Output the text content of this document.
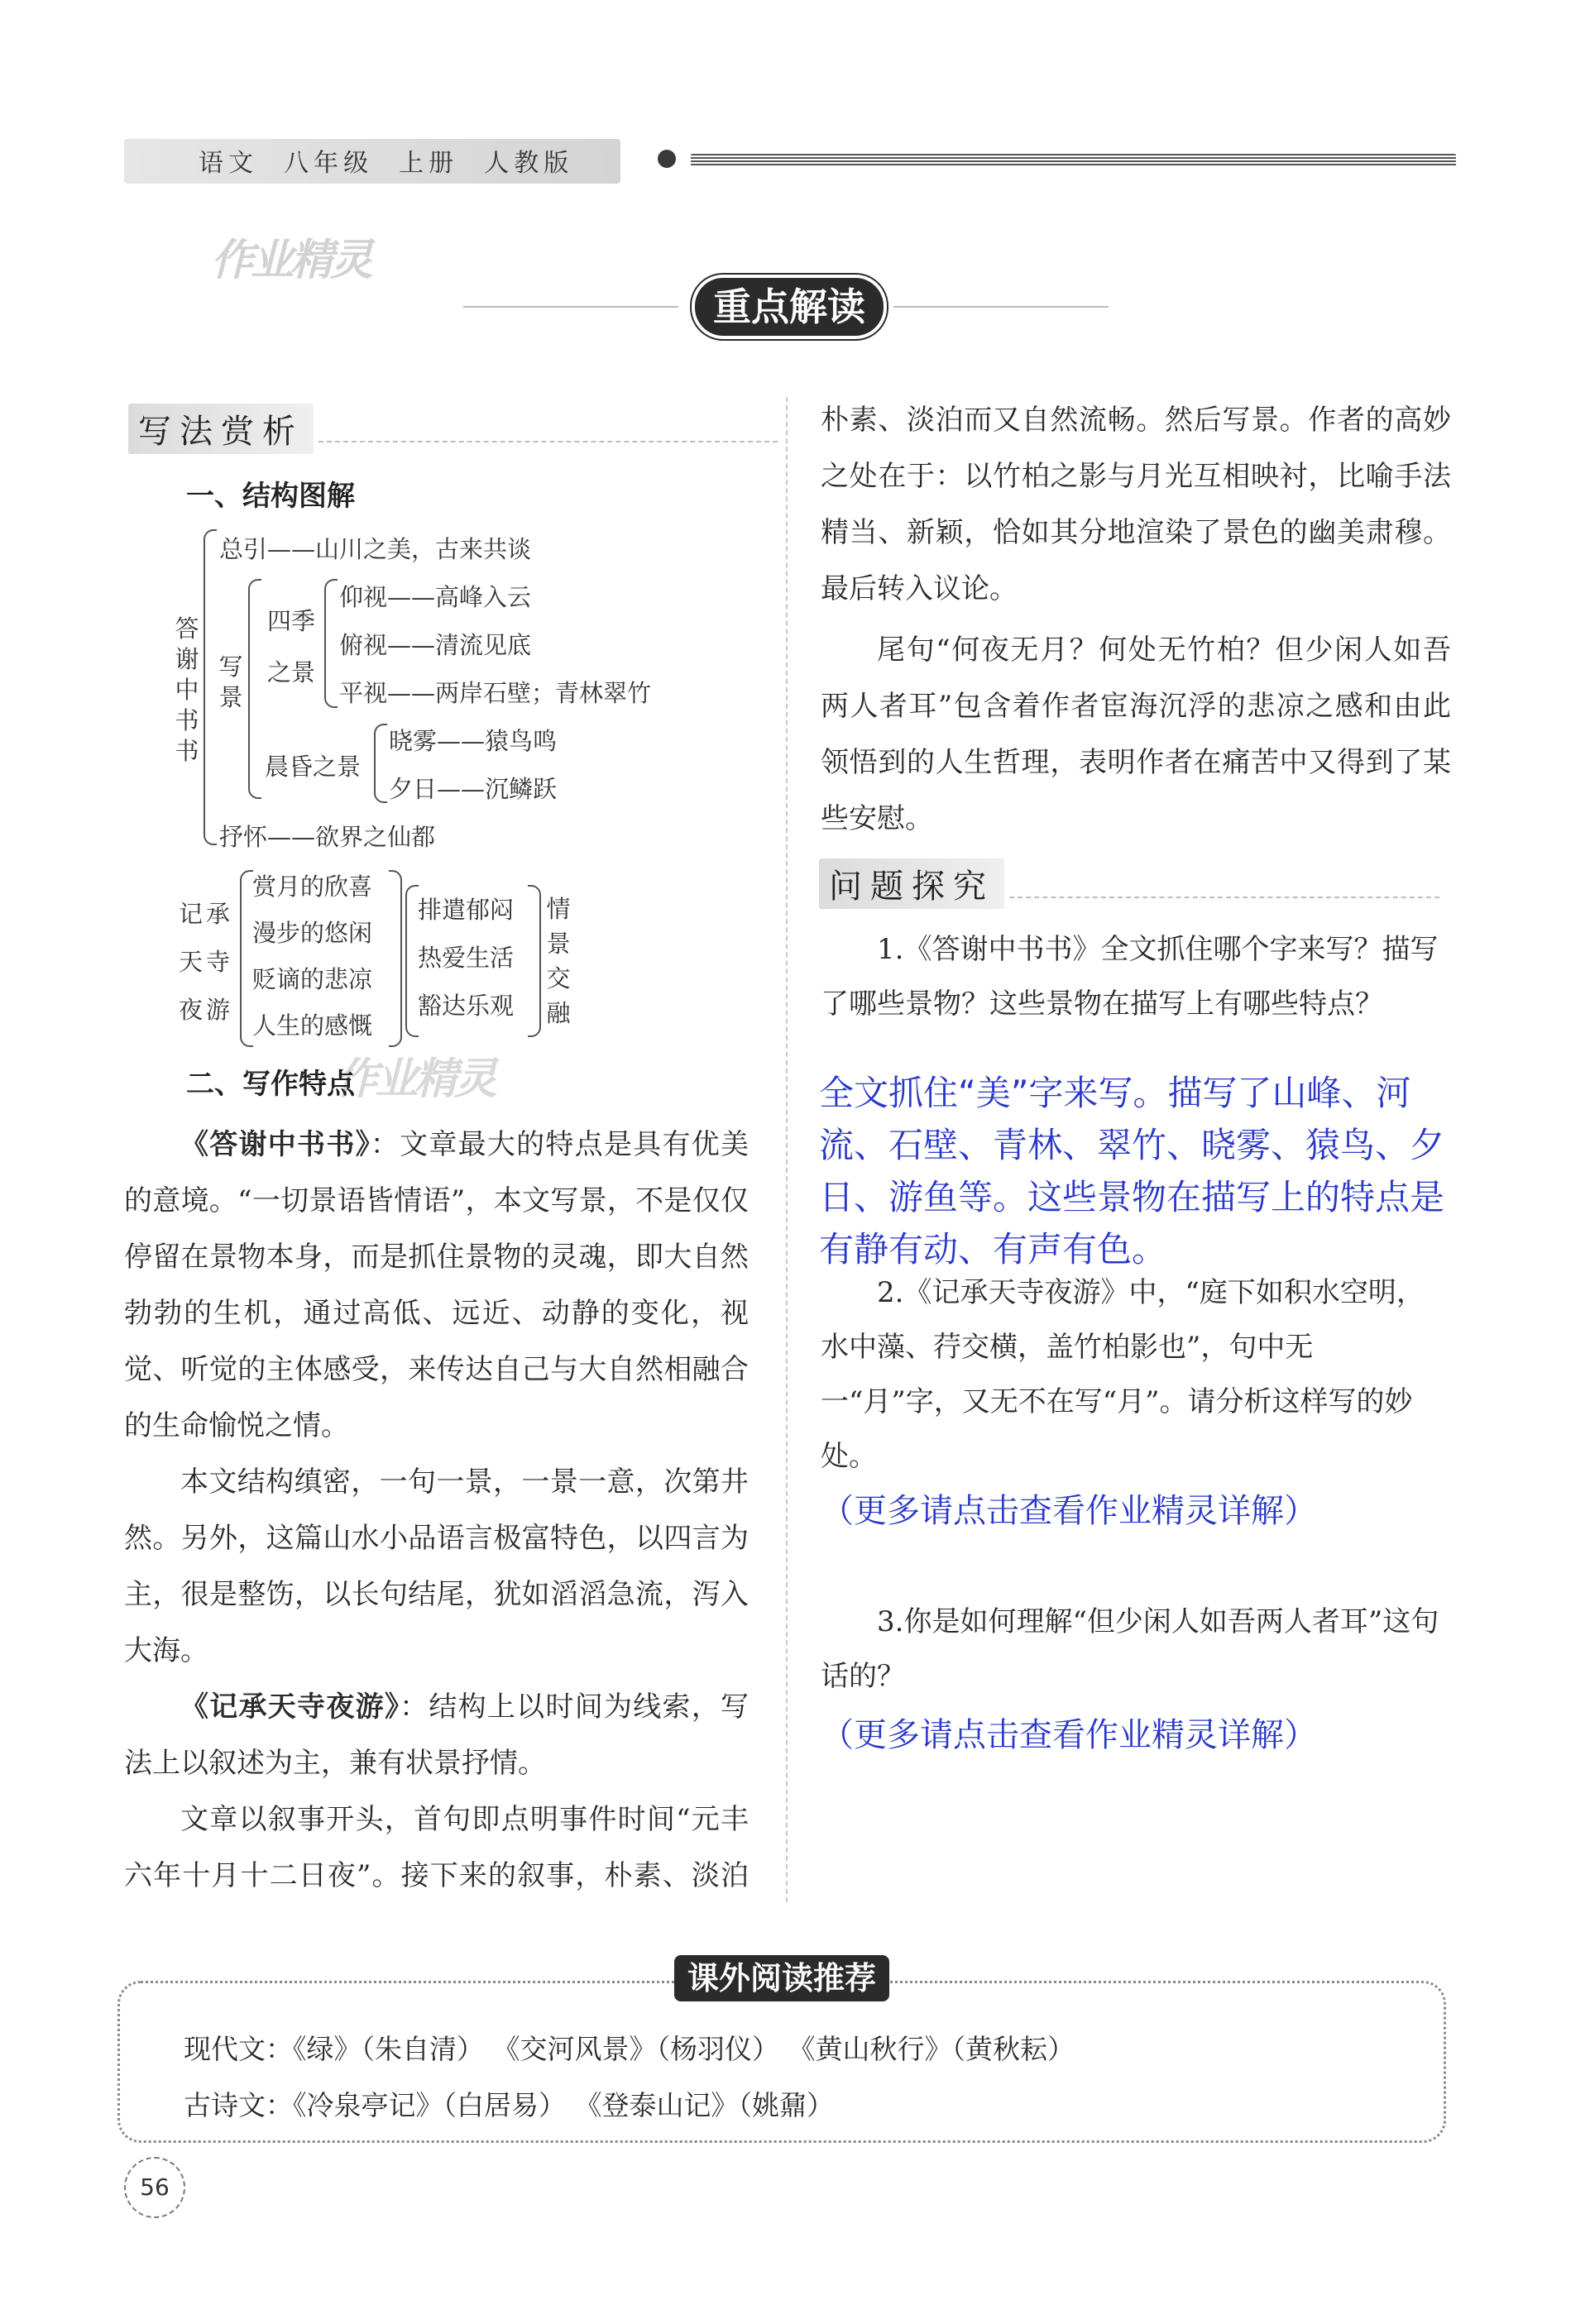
语文  八年级  上册  人教版
作业精灵
重点解读
写法赏析
一、结构图解
答谢中书书
总引——山川之美，古来共谈
写景
四季之景
仰视——高峰入云
俯视——清流见底
平视——两岸石壁；青林翠竹
晨昏之景
晓雾——猿鸟鸣
夕日——沉鳞跃
抒怀——欲界之仙都
记承天寺夜游
赏月的欣喜
漫步的悠闲
贬谪的悲凉
人生的感慨
排遣郁闷
热爱生活
豁达乐观
情景交融
作业精灵
二、写作特点
《答谢中书书》：文章最大的特点是具有优美的意境。“一切景语皆情语”，本文写景，不是仅仅停留在景物本身，而是抓住景物的灵魂，即大自然勃勃的生机，通过高低、远近、动静的变化，视觉、听觉的主体感受，来传达自己与大自然相融合的生命愉悦之情。
本文结构缜密，一句一景，一景一意，次第井然。另外，这篇山水小品语言极富特色，以四言为主，很是整饬，以长句结尾，犹如滔滔急流，泻入大海。
《记承天寺夜游》：结构上以时间为线索，写法上以叙述为主，兼有状景抒情。
文章以叙事开头，首句即点明事件时间“元丰六年十月十二日夜”。接下来的叙事，朴素、淡泊
朴素、淡泊而又自然流畅。然后写景。作者的高妙之处在于：以竹柏之影与月光互相映衬，比喻手法精当、新颖，恰如其分地渲染了景色的幽美肃穆。最后转入议论。
尾句“何夜无月？何处无竹柏？但少闲人如吾两人者耳”包含着作者宦海沉浮的悲凉之感和由此领悟到的人生哲理，表明作者在痛苦中又得到了某些安慰。
问题探究
1.《答谢中书书》全文抓住哪个字来写？描写了哪些景物？这些景物在描写上有哪些特点？
全文抓住“美”字来写。描写了山峰、河流、石壁、青林、翠竹、晓雾、猿鸟、夕日、游鱼等。这些景物在描写上的特点是有静有动、有声有色。
2.《记承天寺夜游》中，“庭下如积水空明，水中藻、荇交横，盖竹柏影也”，句中无一“月”字，又无不在写“月”。请分析这样写的妙处。
（更多请点击查看作业精灵详解）
3.你是如何理解“但少闲人如吾两人者耳”这句话的？
（更多请点击查看作业精灵详解）
课外阅读推荐
现代文：《绿》（朱自清） 《交河风景》（杨羽仪） 《黄山秋行》（黄秋耘）
古诗文：《冷泉亭记》（白居易） 《登泰山记》（姚鼐）
56
